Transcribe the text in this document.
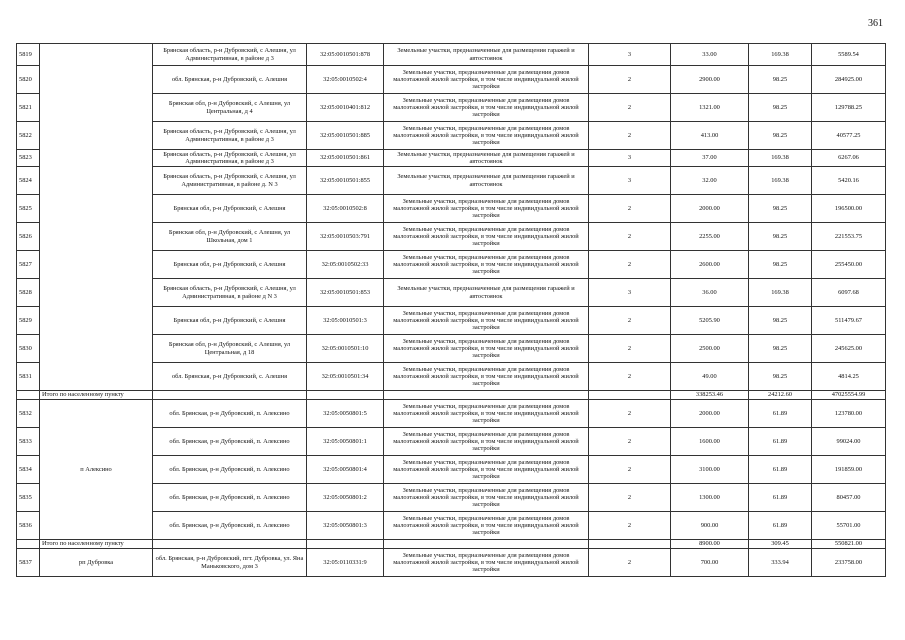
361
5819		Брянская область, р-н Дубровский, с Алешня, ул Административная, в районе д 3	32:05:0010501:878	Земельные участки, предназначенные для размещения гаражей и автостоянок	3	33.00	169.38	5589.54
5820		обл. Брянская, р-н Дубровский, с. Алешня	32:05:0010502:4	Земельные участки, предназначенные для размещения домов малоэтажной жилой застройки, в том числе индивидуальной жилой застройки	2	2900.00	98.25	284925.00
5821		Брянская обл, р-н Дубровский, с Алешня, ул Центральная, д 4	32:05:0010401:812	Земельные участки, предназначенные для размещения домов малоэтажной жилой застройки, в том числе индивидуальной жилой застройки	2	1321.00	98.25	129788.25
5822		Брянская область, р-н Дубровский, с Алешня, ул Административная, в районе д 3	32:05:0010501:885	Земельные участки, предназначенные для размещения домов малоэтажной жилой застройки, в том числе индивидуальной жилой застройки	2	413.00	98.25	40577.25
5823		Брянская область, р-н Дубровский, с Алешня, ул Административная, в районе д 3	32:05:0010501:861	Земельные участки, предназначенные для размещения гаражей и автостоянок	3	37.00	169.38	6267.06
5824		Брянская область, р-н Дубровский, с Алешня, ул Административная, в районе д. N 3	32:05:0010501:855	Земельные участки, предназначенные для размещения гаражей и автостоянок	3	32.00	169.38	5420.16
5825		Брянская обл, р-н Дубровский, с Алешня	32:05:0010502:8	Земельные участки, предназначенные для размещения домов малоэтажной жилой застройки, в том числе индивидуальной жилой застройки	2	2000.00	98.25	196500.00
5826		Брянская обл, р-н Дубровский, с Алешня, ул Школьная, дом 1	32:05:0010503:791	Земельные участки, предназначенные для размещения домов малоэтажной жилой застройки, в том числе индивидуальной жилой застройки	2	2255.00	98.25	221553.75
5827		Брянская обл, р-н Дубровский, с Алешня	32:05:0010502:33	Земельные участки, предназначенные для размещения домов малоэтажной жилой застройки, в том числе индивидуальной жилой застройки	2	2600.00	98.25	255450.00
5828		Брянская область, р-н Дубровский, с Алешня, ул Административная, в районе д N 3	32:05:0010501:853	Земельные участки, предназначенные для размещения гаражей и автостоянок	3	36.00	169.38	6097.68
5829		Брянская обл, р-н Дубровский, с Алешня	32:05:0010501:3	Земельные участки, предназначенные для размещения домов малоэтажной жилой застройки, в том числе индивидуальной жилой застройки	2	5205.90	98.25	511479.67
5830		Брянская обл, р-н Дубровский, с Алешня, ул Центральная, д 18	32:05:0010501:10	Земельные участки, предназначенные для размещения домов малоэтажной жилой застройки, в том числе индивидуальной жилой застройки	2	2500.00	98.25	245625.00
5831		обл. Брянская, р-н Дубровский, с. Алешня	32:05:0010501:34	Земельные участки, предназначенные для размещения домов малоэтажной жилой застройки, в том числе индивидуальной жилой застройки	2	49.00	98.25	4814.25
	Итого по населенному пункту					338253.46	24212.60	47025554.99
5832	п Алексино	обл. Брянская, р-н Дубровский, п. Алексино	32:05:0050801:5	Земельные участки, предназначенные для размещения домов малоэтажной жилой застройки, в том числе индивидуальной жилой застройки	2	2000.00	61.89	123780.00
5833		обл. Брянская, р-н Дубровский, п. Алексино	32:05:0050801:1	Земельные участки, предназначенные для размещения домов малоэтажной жилой застройки, в том числе индивидуальной жилой застройки	2	1600.00	61.89	99024.00
5834		обл. Брянская, р-н Дубровский, п. Алексино	32:05:0050801:4	Земельные участки, предназначенные для размещения домов малоэтажной жилой застройки, в том числе индивидуальной жилой застройки	2	3100.00	61.89	191859.00
5835		обл. Брянская, р-н Дубровский, п. Алексино	32:05:0050801:2	Земельные участки, предназначенные для размещения домов малоэтажной жилой застройки, в том числе индивидуальной жилой застройки	2	1300.00	61.89	80457.00
5836		обл. Брянская, р-н Дубровский, п. Алексино	32:05:0050801:3	Земельные участки, предназначенные для размещения домов малоэтажной жилой застройки, в том числе индивидуальной жилой застройки	2	900.00	61.89	55701.00
	Итого по населенному пункту					8900.00	309.45	550821.00
5837	рп Дубровка	обл. Брянская, р-н Дубровский, пгт. Дубровка, ул. Яна Маньковского, дом 3	32:05:0110331:9	Земельные участки, предназначенные для размещения домов малоэтажной жилой застройки, в том числе индивидуальной жилой застройки	2	700.00	333.94	233758.00
